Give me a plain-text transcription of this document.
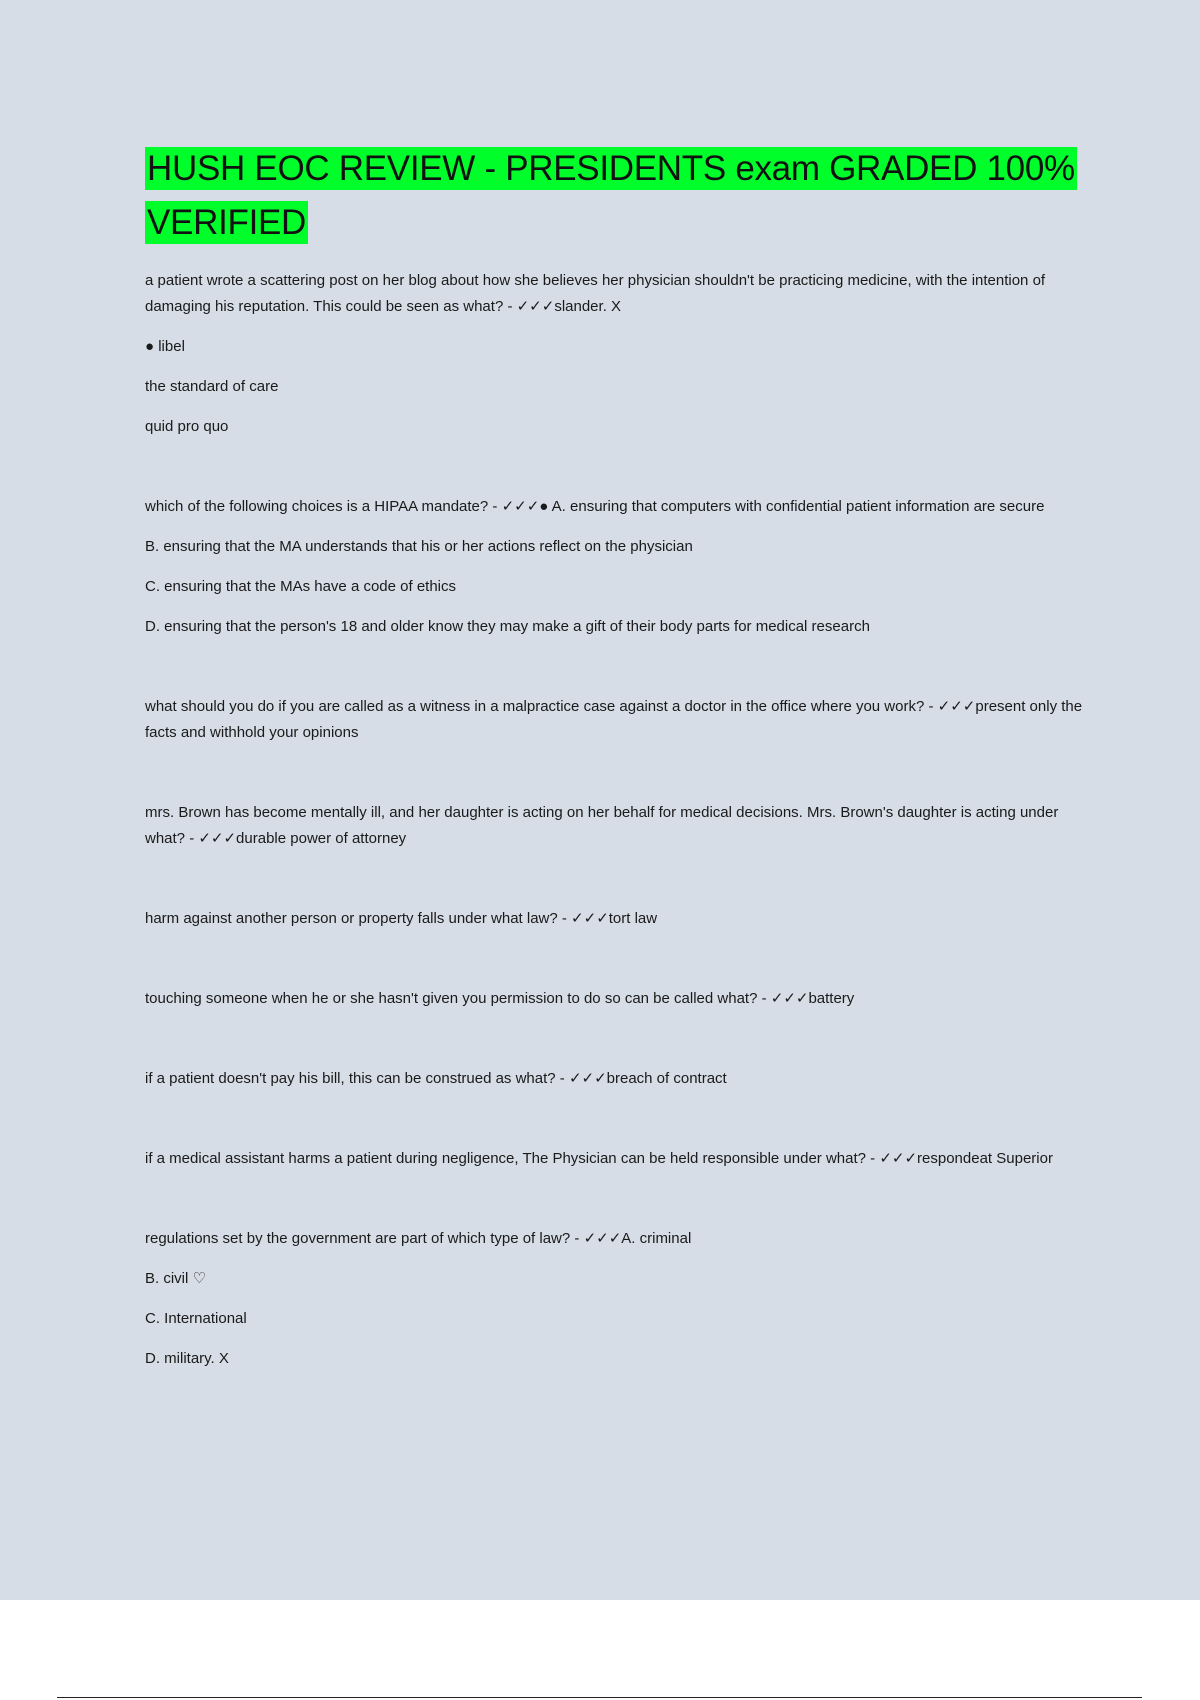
HUSH EOC REVIEW - PRESIDENTS exam GRADED 100% VERIFIED

a patient wrote a scattering post on her blog about how she believes her physician shouldn't be practicing medicine, with the intention of damaging his reputation. This could be seen as what? - ✓✓✓slander. X

● libel

the standard of care

quid pro quo

which of the following choices is a HIPAA mandate? - ✓✓✓● A. ensuring that computers with confidential patient information are secure

B. ensuring that the MA understands that his or her actions reflect on the physician

C. ensuring that the MAs have a code of ethics

D. ensuring that the person's 18 and older know they may make a gift of their body parts for medical research

what should you do if you are called as a witness in a malpractice case against a doctor in the office where you work? - ✓✓✓present only the facts and withhold your opinions

mrs. Brown has become mentally ill, and her daughter is acting on her behalf for medical decisions. Mrs. Brown's daughter is acting under what? - ✓✓✓durable power of attorney

harm against another person or property falls under what law? - ✓✓✓tort law

touching someone when he or she hasn't given you permission to do so can be called what? - ✓✓✓battery

if a patient doesn't pay his bill, this can be construed as what? - ✓✓✓breach of contract

if a medical assistant harms a patient during negligence, The Physician can be held responsible under what? - ✓✓✓respondeat Superior

regulations set by the government are part of which type of law? - ✓✓✓A. criminal

B. civil ♡

C. International

D. military. X
